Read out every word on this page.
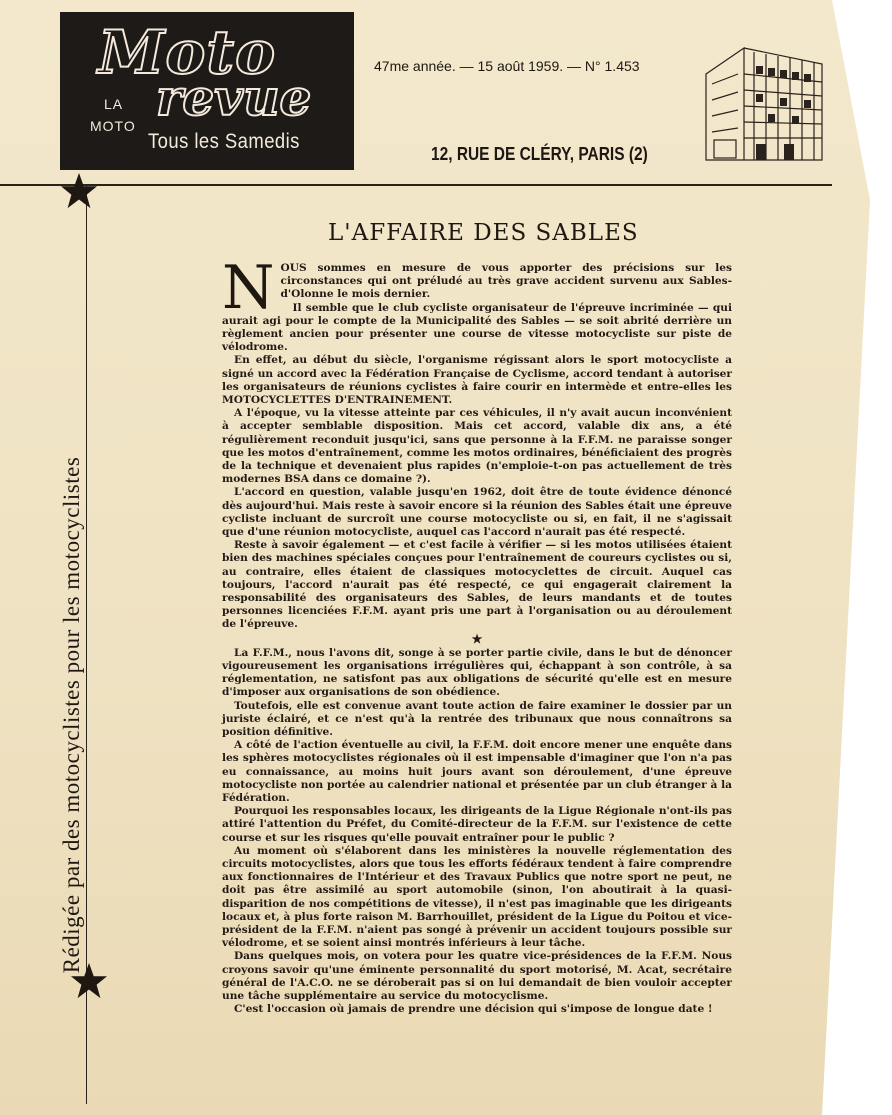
Moto
revue
LA
MOTO
Tous les Samedis
47me année. — 15 août 1959. — N° 1.453
12, RUE DE CLÉRY, PARIS (2)
Rédigée par des motocyclistes pour les motocyclistes
L'AFFAIRE DES SABLES

N OUS sommes en mesure de vous apporter des précisions sur les circonstances qui ont préludé au très grave accident survenu aux Sables-d'Olonne le mois dernier.

Il semble que le club cycliste organisateur de l'épreuve incriminée — qui aurait agi pour le compte de la Municipalité des Sables — se soit abrité derrière un règlement ancien pour présenter une course de vitesse motocycliste sur piste de vélodrome.

En effet, au début du siècle, l'organisme régissant alors le sport motocycliste a signé un accord avec la Fédération Française de Cyclisme, accord tendant à autoriser les organisateurs de réunions cyclistes à faire courir en intermède et entre-elles les MOTOCYCLETTES D'ENTRAINEMENT.

A l'époque, vu la vitesse atteinte par ces véhicules, il n'y avait aucun inconvénient à accepter semblable disposition. Mais cet accord, valable dix ans, a été régulièrement reconduit jusqu'ici, sans que personne à la F.F.M. ne paraisse songer que les motos d'entraînement, comme les motos ordinaires, bénéficiaient des progrès de la technique et devenaient plus rapides (n'emploie-t-on pas actuellement de très modernes BSA dans ce domaine ?).

L'accord en question, valable jusqu'en 1962, doit être de toute évidence dénoncé dès aujourd'hui. Mais reste à savoir encore si la réunion des Sables était une épreuve cycliste incluant de surcroît une course motocycliste ou si, en fait, il ne s'agissait que d'une réunion motocycliste, auquel cas l'accord n'aurait pas été respecté.

Reste à savoir également — et c'est facile à vérifier — si les motos utilisées étaient bien des machines spéciales conçues pour l'entraînement de coureurs cyclistes ou si, au contraire, elles étaient de classiques motocyclettes de circuit. Auquel cas toujours, l'accord n'aurait pas été respecté, ce qui engagerait clairement la responsabilité des organisateurs des Sables, de leurs mandants et de toutes personnes licenciées F.F.M. ayant pris une part à l'organisation ou au déroulement de l'épreuve.

★

La F.F.M., nous l'avons dit, songe à se porter partie civile, dans le but de dénoncer vigoureusement les organisations irrégulières qui, échappant à son contrôle, à sa réglementation, ne satisfont pas aux obligations de sécurité qu'elle est en mesure d'imposer aux organisations de son obédience.

Toutefois, elle est convenue avant toute action de faire examiner le dossier par un juriste éclairé, et ce n'est qu'à la rentrée des tribunaux que nous connaîtrons sa position définitive.

A côté de l'action éventuelle au civil, la F.F.M. doit encore mener une enquête dans les sphères motocyclistes régionales où il est impensable d'imaginer que l'on n'a pas eu connaissance, au moins huit jours avant son déroulement, d'une épreuve motocycliste non portée au calendrier national et présentée par un club étranger à la Fédération.

Pourquoi les responsables locaux, les dirigeants de la Ligue Régionale n'ont-ils pas attiré l'attention du Préfet, du Comité-directeur de la F.F.M. sur l'existence de cette course et sur les risques qu'elle pouvait entraîner pour le public ?

Au moment où s'élaborent dans les ministères la nouvelle réglementation des circuits motocyclistes, alors que tous les efforts fédéraux tendent à faire comprendre aux fonctionnaires de l'Intérieur et des Travaux Publics que notre sport ne peut, ne doit pas être assimilé au sport automobile (sinon, l'on aboutirait à la quasi-disparition de nos compétitions de vitesse), il n'est pas imaginable que les dirigeants locaux et, à plus forte raison M. Barrhouillet, président de la Ligue du Poitou et vice-président de la F.F.M. n'aient pas songé à prévenir un accident toujours possible sur vélodrome, et se soient ainsi montrés inférieurs à leur tâche.

Dans quelques mois, on votera pour les quatre vice-présidences de la F.F.M. Nous croyons savoir qu'une éminente personnalité du sport motorisé, M. Acat, secrétaire général de l'A.C.O. ne se déroberait pas si on lui demandait de bien vouloir accepter une tâche supplémentaire au service du motocyclisme.

C'est l'occasion où jamais de prendre une décision qui s'impose de longue date !
